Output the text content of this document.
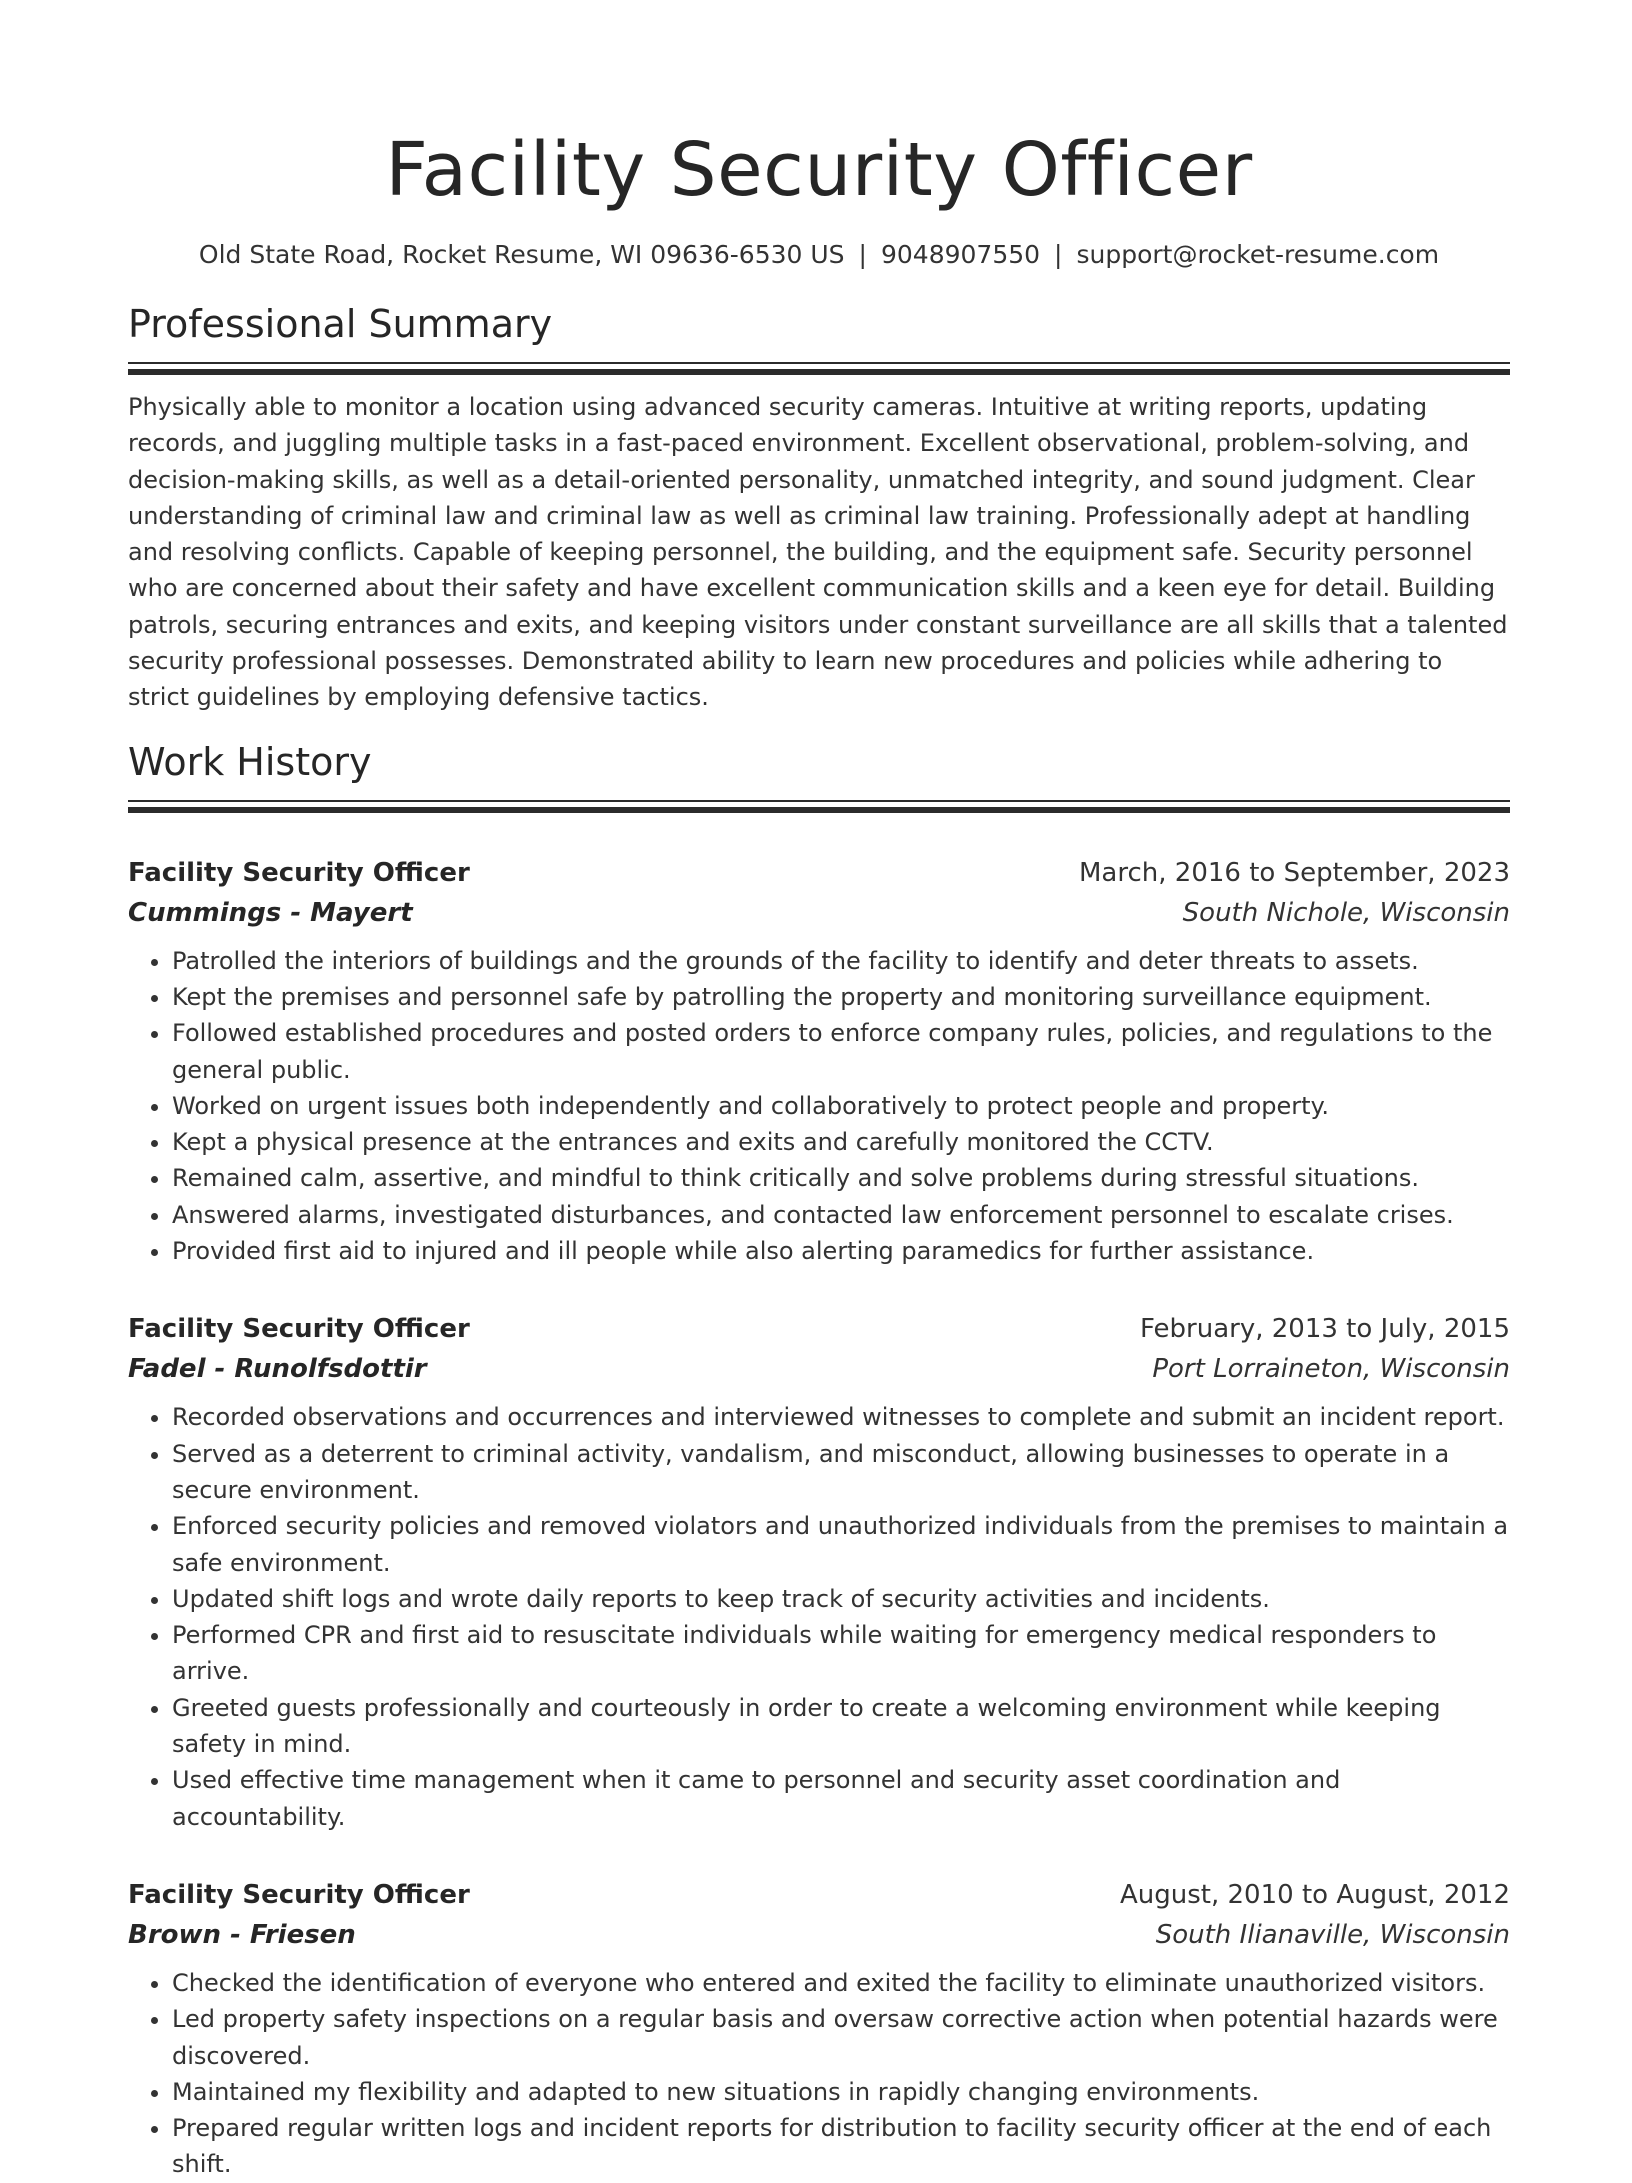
Facility Security Officer
Old State Road, Rocket Resume, WI 09636-6530 US | 9048907550 | support@rocket-resume.com
Professional Summary

Physically able to monitor a location using advanced security cameras. Intuitive at writing reports, updating records, and juggling multiple tasks in a fast-paced environment. Excellent observational, problem-solving, and decision-making skills, as well as a detail-oriented personality, unmatched integrity, and sound judgment. Clear understanding of criminal law and criminal law as well as criminal law training. Professionally adept at handling and resolving conflicts. Capable of keeping personnel, the building, and the equipment safe. Security personnel who are concerned about their safety and have excellent communication skills and a keen eye for detail. Building patrols, securing entrances and exits, and keeping visitors under constant surveillance are all skills that a talented security professional possesses. Demonstrated ability to learn new procedures and policies while adhering to strict guidelines by employing defensive tactics.

Work History
Facility Security Officer	March, 2016 to September, 2023
Cummings - Mayert	South Nichole, Wisconsin
• Patrolled the interiors of buildings and the grounds of the facility to identify and deter threats to assets.
• Kept the premises and personnel safe by patrolling the property and monitoring surveillance equipment.
• Followed established procedures and posted orders to enforce company rules, policies, and regulations to the general public.
• Worked on urgent issues both independently and collaboratively to protect people and property.
• Kept a physical presence at the entrances and exits and carefully monitored the CCTV.
• Remained calm, assertive, and mindful to think critically and solve problems during stressful situations.
• Answered alarms, investigated disturbances, and contacted law enforcement personnel to escalate crises.
• Provided first aid to injured and ill people while also alerting paramedics for further assistance.
Facility Security Officer	February, 2013 to July, 2015
Fadel - Runolfsdottir	Port Lorraineton, Wisconsin
• Recorded observations and occurrences and interviewed witnesses to complete and submit an incident report.
• Served as a deterrent to criminal activity, vandalism, and misconduct, allowing businesses to operate in a secure environment.
• Enforced security policies and removed violators and unauthorized individuals from the premises to maintain a safe environment.
• Updated shift logs and wrote daily reports to keep track of security activities and incidents.
• Performed CPR and first aid to resuscitate individuals while waiting for emergency medical responders to arrive.
• Greeted guests professionally and courteously in order to create a welcoming environment while keeping safety in mind.
• Used effective time management when it came to personnel and security asset coordination and accountability.
Facility Security Officer	August, 2010 to August, 2012
Brown - Friesen	South Ilianaville, Wisconsin
• Checked the identification of everyone who entered and exited the facility to eliminate unauthorized visitors.
• Led property safety inspections on a regular basis and oversaw corrective action when potential hazards were discovered.
• Maintained my flexibility and adapted to new situations in rapidly changing environments.
• Prepared regular written logs and incident reports for distribution to facility security officer at the end of each shift.
